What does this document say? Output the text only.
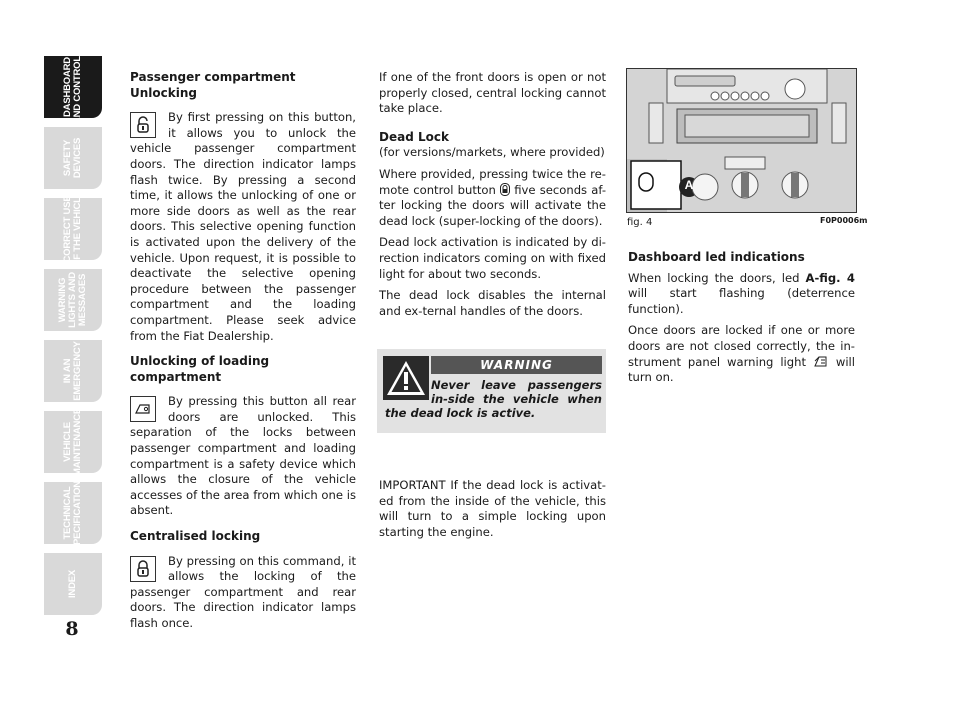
DASHBOARD
AND CONTROLS
SAFETY
DEVICES
CORRECT USE
OF THE VEHICLE
WARNING
LIGHTS AND
MESSAGES
IN AN
EMERGENCY
VEHICLE
MAINTENANCE
TECHNICAL
SPECIFICATIONS
INDEX
8

Passenger compartment

Unlocking

By first pressing on this button, it allows you to unlock the vehicle passenger compartment doors. The direction indicator lamps flash twice. By pressing a second time, it allows the unlocking of one or more side doors as well as the rear doors. This selective opening function is activated upon the delivery of the vehicle. Upon request, it is possible to deactivate the selective opening procedure between the passenger compartment and the loading compartment. Please seek advice from the Fiat Dealership.

Unlocking of loading compartment

By pressing this button all rear doors are unlocked. This separation of the locks between passenger compartment and loading compartment is a safety device which allows the closure of the vehicle accesses of the area from which one is absent.

Centralised locking

By pressing on this command, it allows the locking of the passenger compartment and rear doors. The direction indicator lamps flash once.

If one of the front doors is open or not properly closed, central locking cannot take place.

Dead Lock

(for versions/markets, where provided)

Where provided, pressing twice the re-mote control button five seconds af-ter locking the doors will activate the dead lock (super-locking of the doors).

Dead lock activation is indicated by di-rection indicators coming on with fixed light for about two seconds.

The dead lock disables the internal and ex-ternal handles of the doors.

WARNING
Never leave passengers in-side the vehicle when the dead lock is active.

IMPORTANT If the dead lock is activat-ed from the inside of the vehicle, this will turn to a simple locking upon starting the engine.

A
fig. 4	F0P0006m

Dashboard led indications

When locking the doors, led A-fig. 4 will start flashing (deterrence function).

Once doors are locked if one or more doors are not closed correctly, the in-strument panel warning light	will turn on.
